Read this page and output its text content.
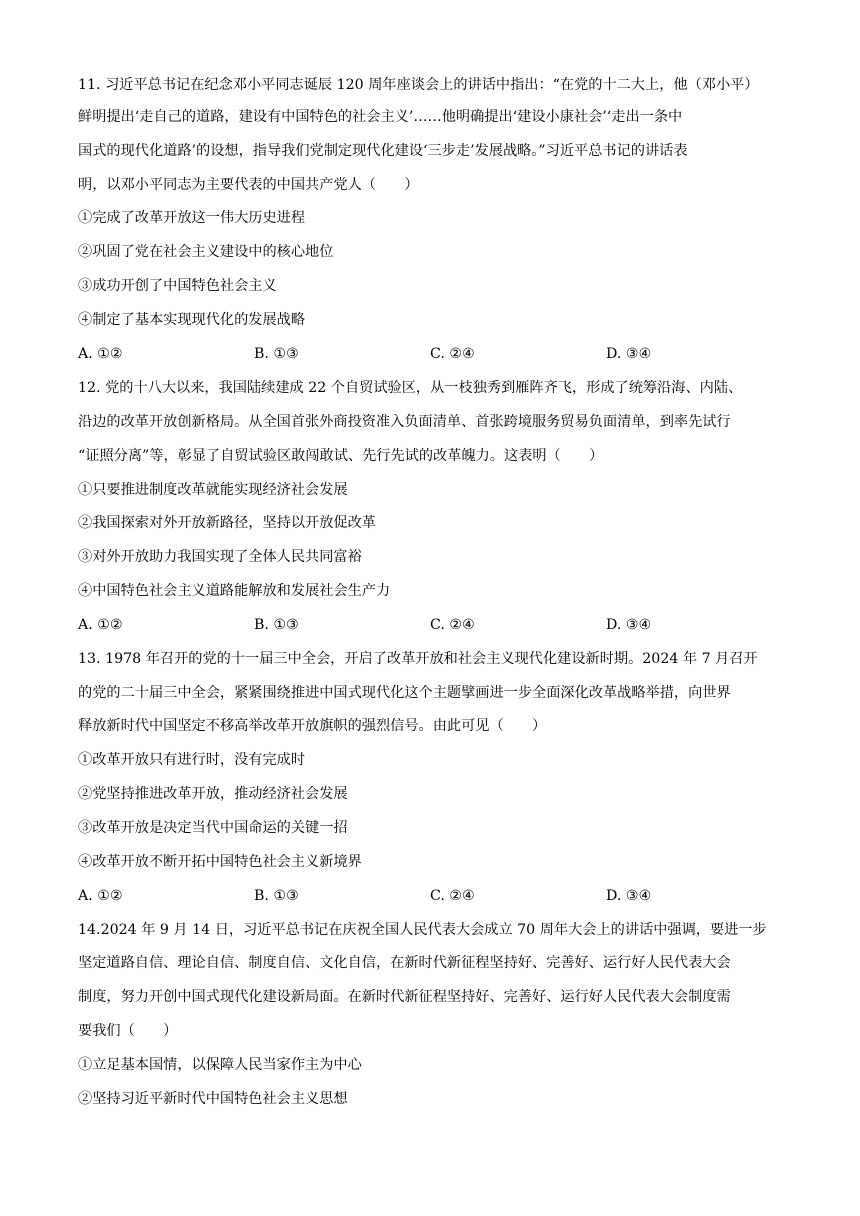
11. 习近平总书记在纪念邓小平同志诞辰 120 周年座谈会上的讲话中指出：“在党的十二大上，他（邓小平）
鲜明提出‘走自己的道路，建设有中国特色的社会主义’……他明确提出‘建设小康社会’‘走出一条中
国式的现代化道路’的设想，指导我们党制定现代化建设‘三步走’发展战略。”习近平总书记的讲话表
明，以邓小平同志为主要代表的中国共产党人（　　）
①完成了改革开放这一伟大历史进程
②巩固了党在社会主义建设中的核心地位
③成功开创了中国特色社会主义
④制定了基本实现现代化的发展战略
A. ①②	B. ①③	C. ②④	D. ③④
12. 党的十八大以来，我国陆续建成 22 个自贸试验区，从一枝独秀到雁阵齐飞，形成了统筹沿海、内陆、
沿边的改革开放创新格局。从全国首张外商投资准入负面清单、首张跨境服务贸易负面清单，到率先试行
“证照分离”等，彰显了自贸试验区敢闯敢试、先行先试的改革魄力。这表明（　　）
①只要推进制度改革就能实现经济社会发展
②我国探索对外开放新路径，坚持以开放促改革
③对外开放助力我国实现了全体人民共同富裕
④中国特色社会主义道路能解放和发展社会生产力
A. ①②	B. ①③	C. ②④	D. ③④
13. 1978 年召开的党的十一届三中全会，开启了改革开放和社会主义现代化建设新时期。2024 年 7 月召开
的党的二十届三中全会，紧紧围绕推进中国式现代化这个主题擘画进一步全面深化改革战略举措，向世界
释放新时代中国坚定不移高举改革开放旗帜的强烈信号。由此可见（　　）
①改革开放只有进行时，没有完成时
②党坚持推进改革开放，推动经济社会发展
③改革开放是决定当代中国命运的关键一招
④改革开放不断开拓中国特色社会主义新境界
A. ①②	B. ①③	C. ②④	D. ③④
14.2024 年 9 月 14 日，习近平总书记在庆祝全国人民代表大会成立 70 周年大会上的讲话中强调，要进一步
坚定道路自信、理论自信、制度自信、文化自信，在新时代新征程坚持好、完善好、运行好人民代表大会
制度，努力开创中国式现代化建设新局面。在新时代新征程坚持好、完善好、运行好人民代表大会制度需
要我们（　　）
①立足基本国情，以保障人民当家作主为中心
②坚持习近平新时代中国特色社会主义思想
